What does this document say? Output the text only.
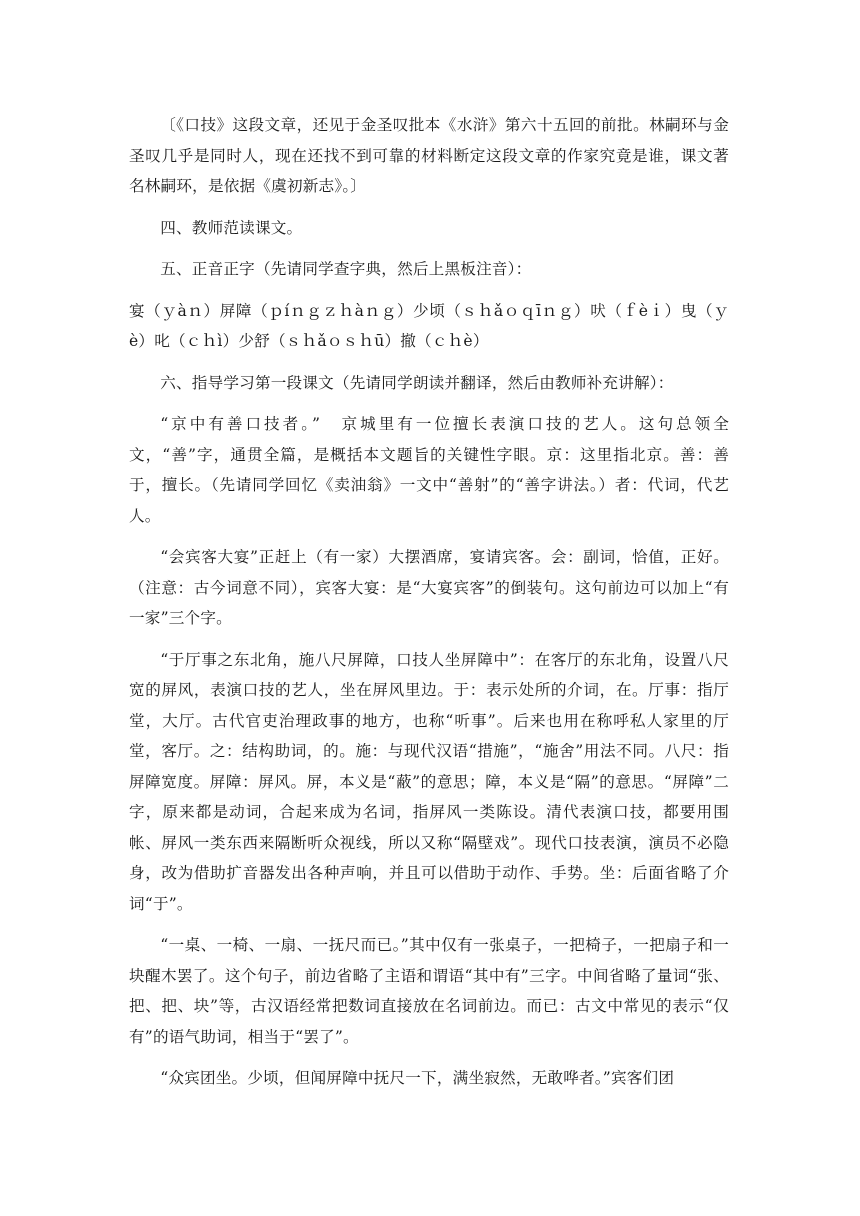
〔《口技》这段文章，还见于金圣叹批本《水浒》第六十五回的前批。林嗣环与金圣叹几乎是同时人，现在还找不到可靠的材料断定这段文章的作家究竟是谁，课文著名林嗣环，是依据《虞初新志》。〕

四、教师范读课文。

五、正音正字（先请同学查字典，然后上黑板注音）：

宴（ｙàｎ）屏障（ｐíｎｇｚｈàｎｇ）少顷（ｓｈǎｏｑīｎｇ）吠（ｆèｉ）曳（ｙè）叱（ｃｈì）少舒（ｓｈǎｏｓｈū）撤（ｃｈè）

六、指导学习第一段课文（先请同学朗读并翻译，然后由教师补充讲解）：

“京中有善口技者。”　京城里有一位擅长表演口技的艺人。这句总领全文，“善”字，通贯全篇，是概括本文题旨的关键性字眼。京：这里指北京。善：善于，擅长。（先请同学回忆《卖油翁》一文中“善射”的“善字讲法。）者：代词，代艺人。

“会宾客大宴”正赶上（有一家）大摆酒席，宴请宾客。会：副词，恰值，正好。（注意：古今词意不同），宾客大宴：是“大宴宾客”的倒装句。这句前边可以加上“有一家”三个字。

“于厅事之东北角，施八尺屏障，口技人坐屏障中”：在客厅的东北角，设置八尺宽的屏风，表演口技的艺人，坐在屏风里边。于：表示处所的介词，在。厅事：指厅堂，大厅。古代官吏治理政事的地方，也称“听事”。后来也用在称呼私人家里的厅堂，客厅。之：结构助词，的。施：与现代汉语“措施”，“施舍”用法不同。八尺：指屏障宽度。屏障：屏风。屏，本义是“蔽”的意思；障，本义是“隔”的意思。“屏障”二字，原来都是动词，合起来成为名词，指屏风一类陈设。清代表演口技，都要用围帐、屏风一类东西来隔断听众视线，所以又称“隔壁戏”。现代口技表演，演员不必隐身，改为借助扩音器发出各种声响，并且可以借助于动作、手势。坐：后面省略了介词“于”。

“一桌、一椅、一扇、一抚尺而已。”其中仅有一张桌子，一把椅子，一把扇子和一块醒木罢了。这个句子，前边省略了主语和谓语“其中有”三字。中间省略了量词“张、把、把、块”等，古汉语经常把数词直接放在名词前边。而已：古文中常见的表示“仅有”的语气助词，相当于“罢了”。

“众宾团坐。少顷，但闻屏障中抚尺一下，满坐寂然，无敢哗者。”宾客们团
